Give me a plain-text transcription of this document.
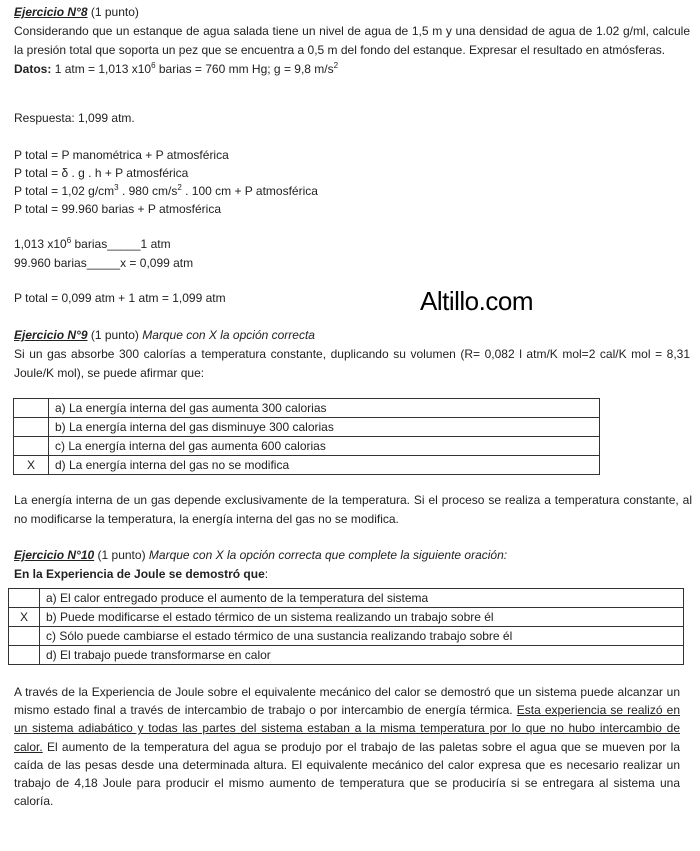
Ejercicio N°8 (1 punto)
Considerando que un estanque de agua salada tiene un nivel de agua de 1,5 m y una densidad de agua de 1.02 g/ml, calcule la presión total que soporta un pez que se encuentra a 0,5 m del fondo del estanque. Expresar el resultado en atmósferas.
Datos: 1 atm = 1,013 $x10^6$ barias = 760 mm Hg; g = 9,8 $m/s^2$
Respuesta: 1,099 atm.
P total = P manométrica + P atmosférica
P total = δ . g . h + P atmosférica
P total = 1,02 $g/cm^3$ . 980 $cm/s^2$ . 100 cm + P atmosférica
P total = 99.960 barias + P atmosférica
1,013 $x10^6$ barias_____1 atm
99.960 barias_____x = 0,099 atm
P total = 0,099 atm + 1 atm = 1,099 atm	Altillo.com
Ejercicio N°9 (1 punto) Marque con X la opción correcta
Si un gas absorbe 300 calorías a temperatura constante, duplicando su volumen (R= 0,082 l atm/K mol=2 cal/K mol = 8,31 Joule/K mol), se puede afirmar que:
	a) La energía interna del gas aumenta 300 calorias
	b) La energía interna del gas disminuye 300 calorias
	c) La energía interna del gas aumenta 600 calorias
X	d) La energía interna del gas no se modifica
La energía interna de un gas depende exclusivamente de la temperatura. Si el proceso se realiza a temperatura constante, al no modificarse la temperatura, la energía interna del gas no se modifica.
Ejercicio N°10 (1 punto) Marque con X la opción correcta que complete la siguiente oración:
En la Experiencia de Joule se demostró que:
	a) El calor entregado produce el aumento de la temperatura del sistema
X	b) Puede modificarse el estado térmico de un sistema realizando un trabajo sobre él
	c) Sólo puede cambiarse el estado térmico de una sustancia realizando trabajo sobre él
	d) El trabajo puede transformarse en calor
A través de la Experiencia de Joule sobre el equivalente mecánico del calor se demostró que un sistema puede alcanzar un mismo estado final a través de intercambio de trabajo o por intercambio de energía térmica. Esta experiencia se realizó en un sistema adiabático y todas las partes del sistema estaban a la misma temperatura por lo que no hubo intercambio de calor. El aumento de la temperatura del agua se produjo por el trabajo de las paletas sobre el agua que se mueven por la caída de las pesas desde una determinada altura. El equivalente mecánico del calor expresa que es necesario realizar un trabajo de 4,18 Joule para producir el mismo aumento de temperatura que se produciría si se entregara al sistema una caloría.
